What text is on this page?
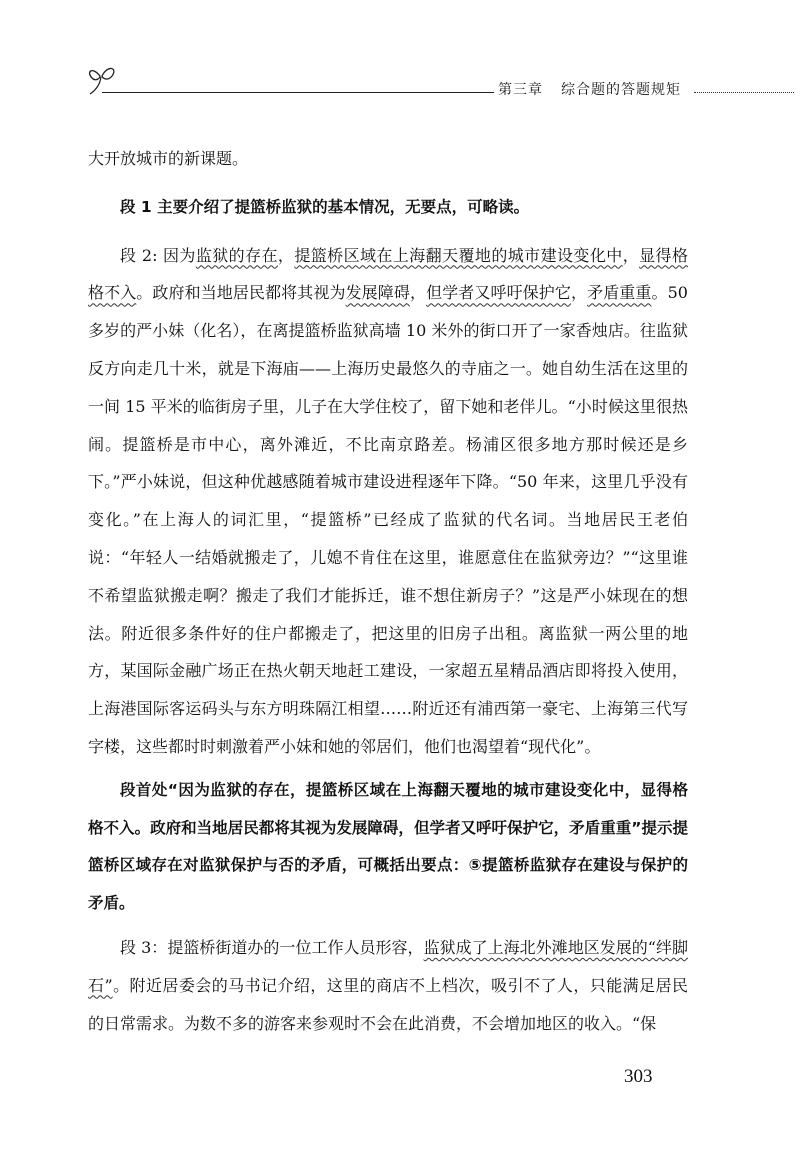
第三章 综合题的答题规矩

大开放城市的新课题。

段 1 主要介绍了提篮桥监狱的基本情况，无要点，可略读。

段 2: 因为监狱的存在，提篮桥区域在上海翻天覆地的城市建设变化中，显得格格不入。政府和当地居民都将其视为发展障碍，但学者又呼吁保护它，矛盾重重。50 多岁的严小妹（化名），在离提篮桥监狱高墙 10 米外的街口开了一家香烛店。往监狱反方向走几十米，就是下海庙——上海历史最悠久的寺庙之一。她自幼生活在这里的一间 15 平米的临街房子里，儿子在大学住校了，留下她和老伴儿。“小时候这里很热闹。提篮桥是市中心，离外滩近，不比南京路差。杨浦区很多地方那时候还是乡下。”严小妹说，但这种优越感随着城市建设进程逐年下降。“50 年来，这里几乎没有变化。”在上海人的词汇里，“提篮桥”已经成了监狱的代名词。当地居民王老伯说：“年轻人一结婚就搬走了，儿媳不肯住在这里，谁愿意住在监狱旁边？”“这里谁不希望监狱搬走啊？搬走了我们才能拆迁，谁不想住新房子？”这是严小妹现在的想法。附近很多条件好的住户都搬走了，把这里的旧房子出租。离监狱一两公里的地方，某国际金融广场正在热火朝天地赶工建设，一家超五星精品酒店即将投入使用，上海港国际客运码头与东方明珠隔江相望……附近还有浦西第一豪宅、上海第三代写字楼，这些都时时刺激着严小妹和她的邻居们，他们也渴望着“现代化”。

段首处“因为监狱的存在，提篮桥区域在上海翻天覆地的城市建设变化中，显得格格不入。政府和当地居民都将其视为发展障碍，但学者又呼吁保护它，矛盾重重”提示提篮桥区域存在对监狱保护与否的矛盾，可概括出要点：⑤提篮桥监狱存在建设与保护的矛盾。

段 3：提篮桥街道办的一位工作人员形容，监狱成了上海北外滩地区发展的“绊脚石”。附近居委会的马书记介绍，这里的商店不上档次，吸引不了人，只能满足居民的日常需求。为数不多的游客来参观时不会在此消费，不会增加地区的收入。“保

303
